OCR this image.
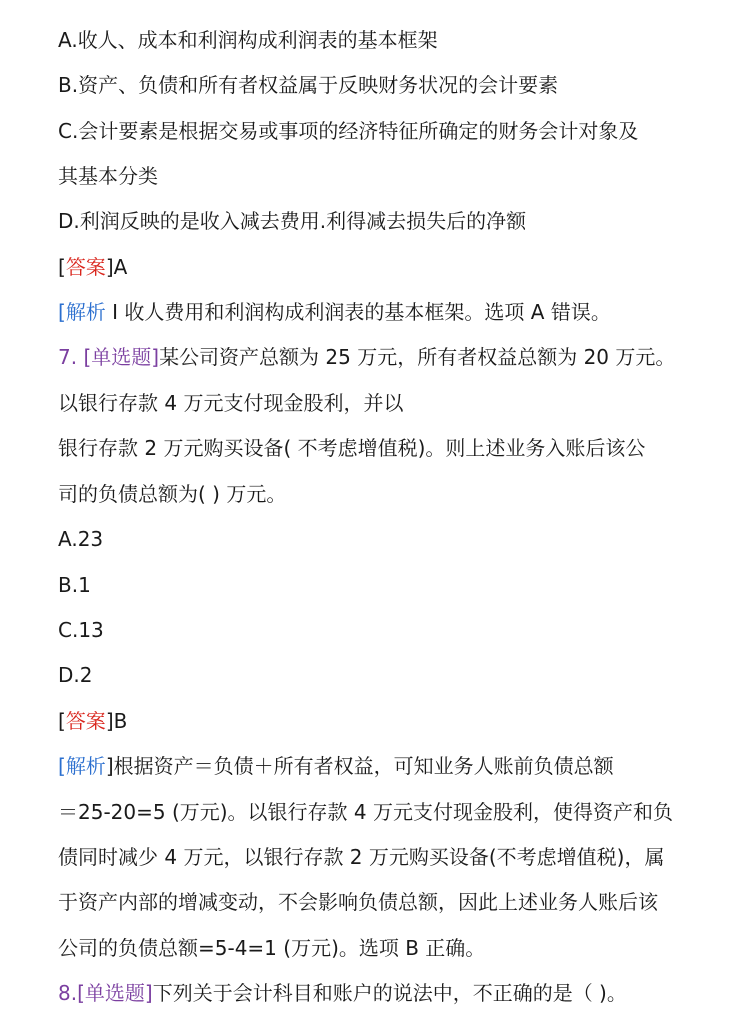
A.收人、成本和利润构成利润表的基本框架
B.资产、负债和所有者权益属于反映财务状况的会计要素
C.会计要素是根据交易或事项的经济特征所确定的财务会计对象及
其基本分类
D.利润反映的是收入减去费用.利得减去损失后的净额
[答案]A
[解析 I 收人费用和利润构成利润表的基本框架。选项 A 错误。
7. [单选题]某公司资产总额为 25 万元，所有者权益总额为 20 万元。
以银行存款 4 万元支付现金股利，并以
银行存款 2 万元购买设备( 不考虑增值税)。则上述业务入账后该公
司的负债总额为( ) 万元。
A.23
B.1
C.13
D.2
[答案]B
[解析]根据资产＝负债＋所有者权益，可知业务人账前负债总额
＝25-20=5 (万元)。以银行存款 4 万元支付现金股利，使得资产和负
债同时减少 4 万元，以银行存款 2 万元购买设备(不考虑增值税)，属
于资产内部的增减变动，不会影响负债总额，因此上述业务人账后该
公司的负债总额=5-4=1 (万元)。选项 B 正确。
8.[单选题]下列关于会计科目和账户的说法中，不正确的是（ )。
